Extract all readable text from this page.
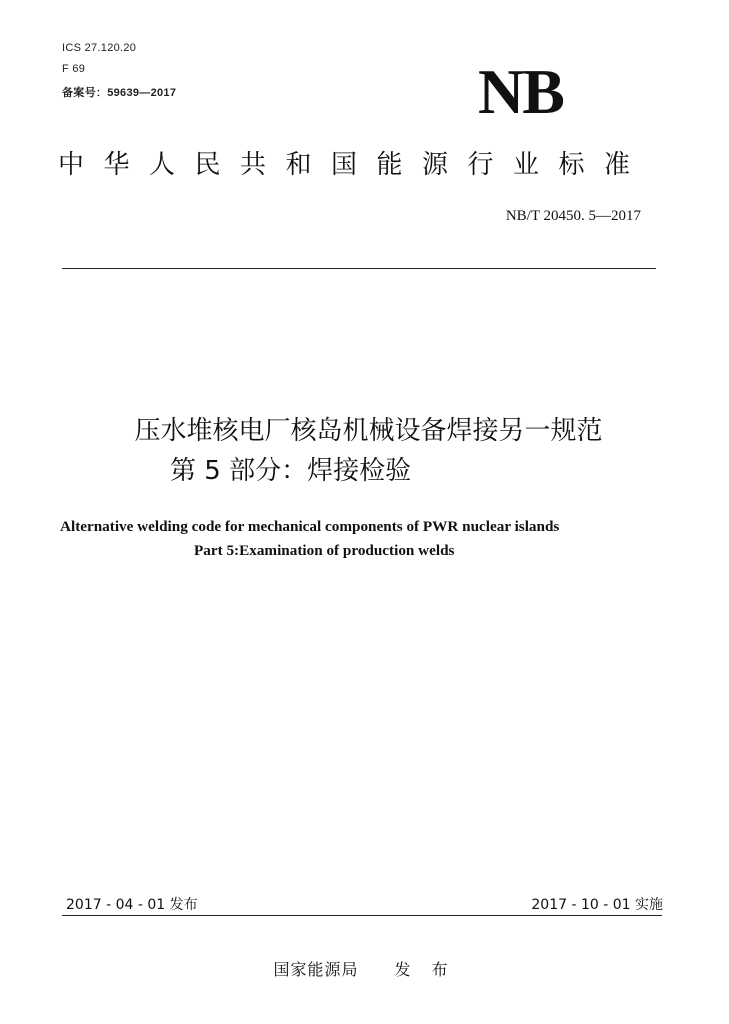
ICS 27.120.20
F 69
备案号：59639—2017	NB
中华人民共和国能源行业标准
NB/T 20450. 5—2017
压水堆核电厂核岛机械设备焊接另一规范
第 5 部分：焊接检验
Alternative welding code for mechanical components of PWR nuclear islands
Part 5:Examination of production welds
2017 - 04 - 01 发布	2017 - 10 - 01 实施
国家能源局 发 布
